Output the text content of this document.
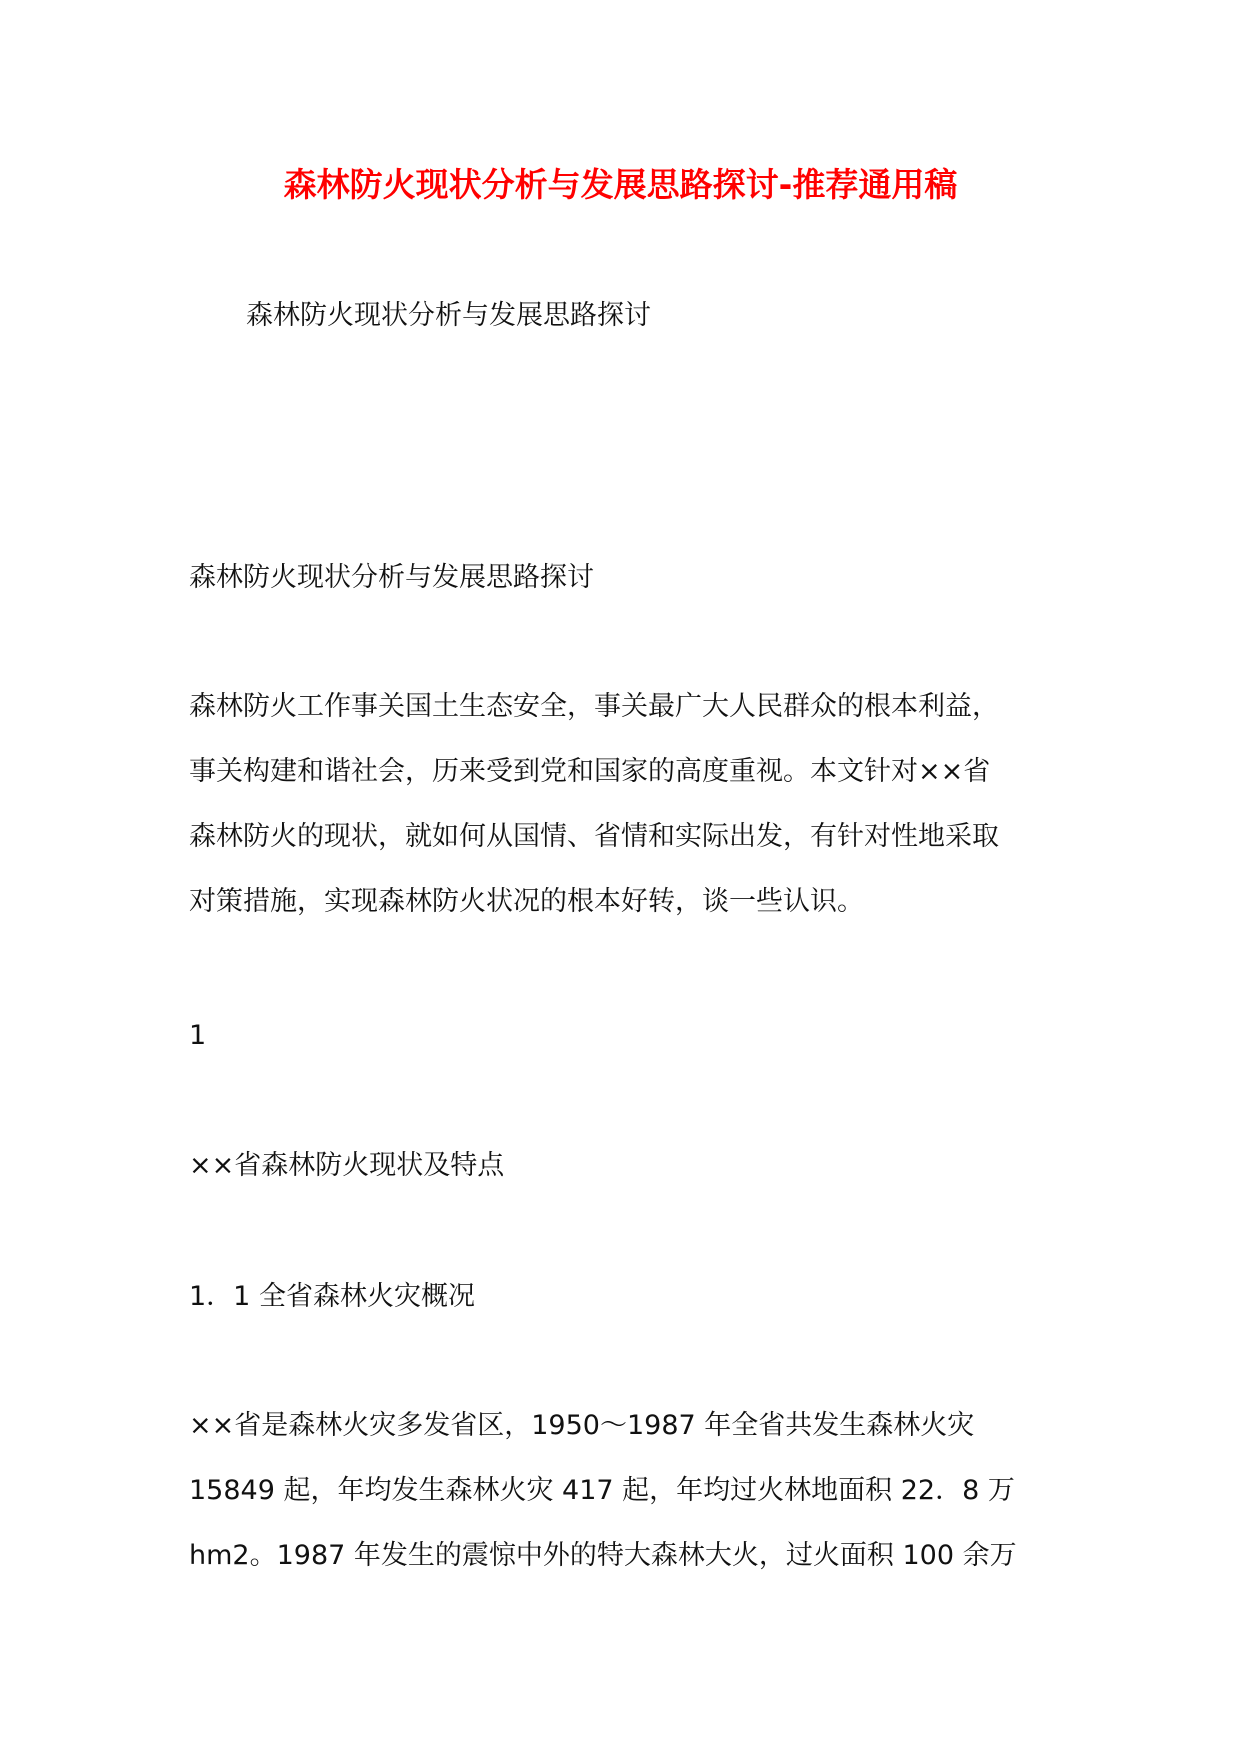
森林防火现状分析与发展思路探讨-推荐通用稿
森林防火现状分析与发展思路探讨
森林防火现状分析与发展思路探讨
森林防火工作事关国土生态安全，事关最广大人民群众的根本利益，
事关构建和谐社会，历来受到党和国家的高度重视。本文针对××省
森林防火的现状，就如何从国情、省情和实际出发，有针对性地采取
对策措施，实现森林防火状况的根本好转，谈一些认识。
1
××省森林防火现状及特点
1．1 全省森林火灾概况
××省是森林火灾多发省区，1950～1987 年全省共发生森林火灾
15849 起，年均发生森林火灾 417 起，年均过火林地面积 22．8 万
hm2。1987 年发生的震惊中外的特大森林大火，过火面积 100 余万
